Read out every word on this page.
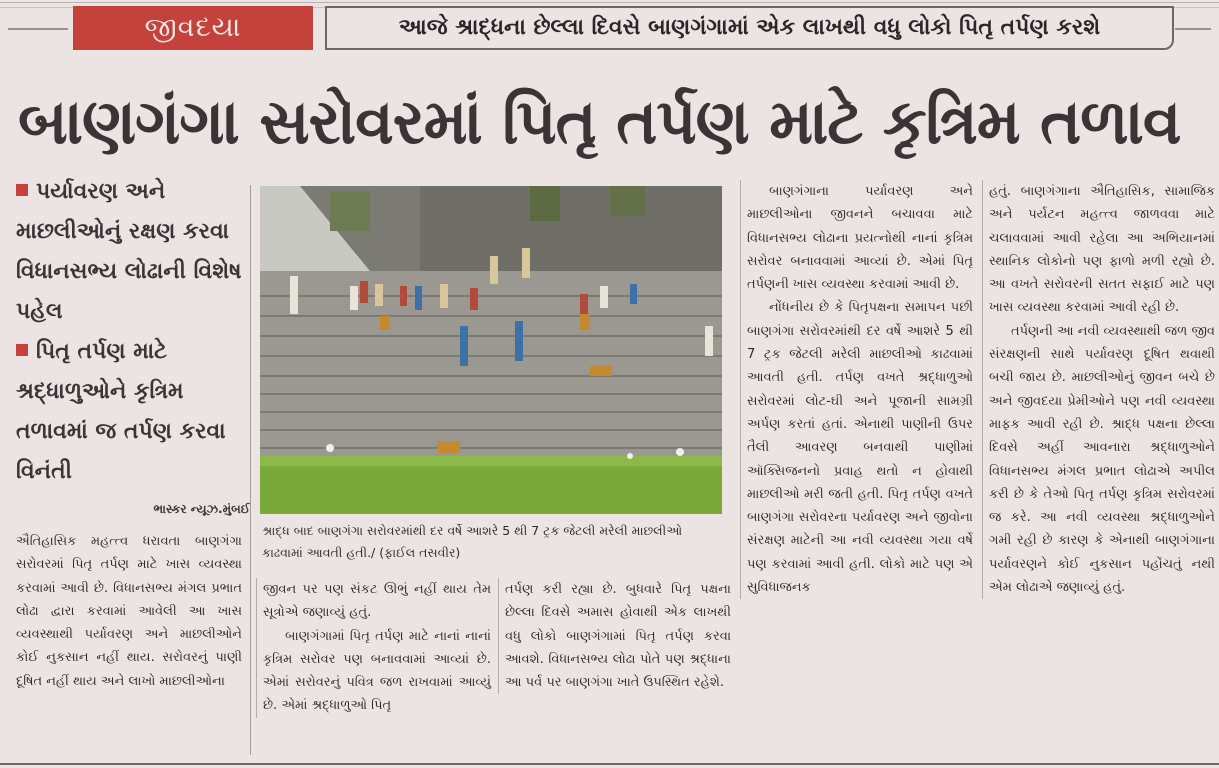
જીવદયા	આજે શ્રાદ્ધના છેલ્લા દિવસે બાણગંગામાં એક લાખથી વધુ લોકો પિતૃ તર્પણ કરશે
બાણગંગા સરોવરમાં પિતૃ તર્પણ માટે કૃત્રિમ તળાવ
પર્યાવરણ અને માછલીઓનું રક્ષણ કરવા વિધાનસભ્ય લોઢાની વિશેષ પહેલ
પિતૃ તર્પણ માટે શ્રદ્ધાળુઓને કૃત્રિમ તળાવમાં જ તર્પણ કરવા વિનંતી
ભાસ્કર ન્યૂઝ.મુંબઈ
શ્રાદ્ધ બાદ બાણગંગા સરોવરમાંથી દર વર્ષે આશરે 5 થી 7 ટ્રક જેટલી મરેલી માછલીઓ કાઢવામાં આવતી હતી./ (ફાઈલ તસવીર)

ઐતિહાસિક મહત્ત્વ ધરાવતા બાણગંગા સરોવરમાં પિતૃ તર્પણ માટે ખાસ વ્યવસ્થા કરવામાં આવી છે. વિધાનસભ્ય મંગલ પ્રભાત લોઢા દ્વારા કરવામાં આવેલી આ ખાસ વ્યવસ્થાથી પર્યાવરણ અને માછલીઓને કોઈ નુકસાન નહીં થાય. સરોવરનું પાણી દૂષિત નહીં થાય અને લાખો માછલીઓના

જીવન પર પણ સંકટ ઊભું નહીં થાય તેમ સૂત્રોએ જણાવ્યું હતું.

બાણગંગામાં પિતૃ તર્પણ માટે નાનાં નાનાં કૃત્રિમ સરોવર પણ બનાવવામાં આવ્યાં છે. એમાં સરોવરનું પવિત્ર જળ રાખવામાં આવ્યું છે. એમાં શ્રદ્ધાળુઓ પિતૃ

તર્પણ કરી રહ્યા છે. બુધવારે પિતૃ પક્ષના છેલ્લા દિવસે અમાસ હોવાથી એક લાખથી વધુ લોકો બાણગંગામાં પિતૃ તર્પણ કરવા આવશે. વિધાનસભ્ય લોઢા પોતે પણ શ્રદ્ધાના આ પર્વ પર બાણગંગા ખાતે ઉપસ્થિત રહેશે.

બાણગંગાના પર્યાવરણ અને માછલીઓના જીવનને બચાવવા માટે વિધાનસભ્ય લોઢાના પ્રયત્નોથી નાનાં કૃત્રિમ સરોવર બનાવવામાં આવ્યાં છે. એમાં પિતૃ તર્પણની ખાસ વ્યવસ્થા કરવામાં આવી છે.

નોંધનીય છે કે પિતૃપક્ષના સમાપન પછી બાણગંગા સરોવરમાંથી દર વર્ષે આશરે 5 થી 7 ટ્રક જેટલી મરેલી માછલીઓ કાઢવામાં આવતી હતી. તર્પણ વખતે શ્રદ્ધાળુઓ સરોવરમાં લોટ-ઘી અને પૂજાની સામગ્રી અર્પણ કરતાં હતાં. એનાથી પાણીની ઉપર તૈલી આવરણ બનવાથી પાણીમાં ઑક્સિજનનો પ્રવાહ થતો ન હોવાથી માછલીઓ મરી જતી હતી. પિતૃ તર્પણ વખતે બાણગંગા સરોવરના પર્યાવરણ અને જીવોના સંરક્ષણ માટેની આ નવી વ્યવસ્થા ગયા વર્ષે પણ કરવામાં આવી હતી. લોકો માટે પણ એ સુવિધાજનક

હતું. બાણગંગાના ઐતિહાસિક, સામાજિક અને પર્યટન મહત્ત્વ જાળવવા માટે ચલાવવામાં આવી રહેલા આ અભિયાનમાં સ્થાનિક લોકોનો પણ ફાળો મળી રહ્યો છે. આ વખતે સરોવરની સતત સફાઈ માટે પણ ખાસ વ્યવસ્થા કરવામાં આવી રહી છે.

તર્પણની આ નવી વ્યવસ્થાથી જળ જીવ સંરક્ષણની સાથે પર્યાવરણ દૂષિત થવાથી બચી જાય છે. માછલીઓનું જીવન બચે છે અને જીવદયા પ્રેમીઓને પણ નવી વ્યવસ્થા માફક આવી રહી છે. શ્રાદ્ધ પક્ષના છેલ્લા દિવસે અહીં આવનારા શ્રદ્ધાળુઓને વિધાનસભ્ય મંગલ પ્રભાત લોઢાએ અપીલ કરી છે કે તેઓ પિતૃ તર્પણ કૃત્રિમ સરોવરમાં જ કરે. આ નવી વ્યવસ્થા શ્રદ્ધાળુઓને ગમી રહી છે કારણ કે એનાથી બાણગંગાના પર્યાવરણને કોઈ નુકસાન પહોંચતું નથી એમ લોઢાએ જણાવ્યું હતું.
